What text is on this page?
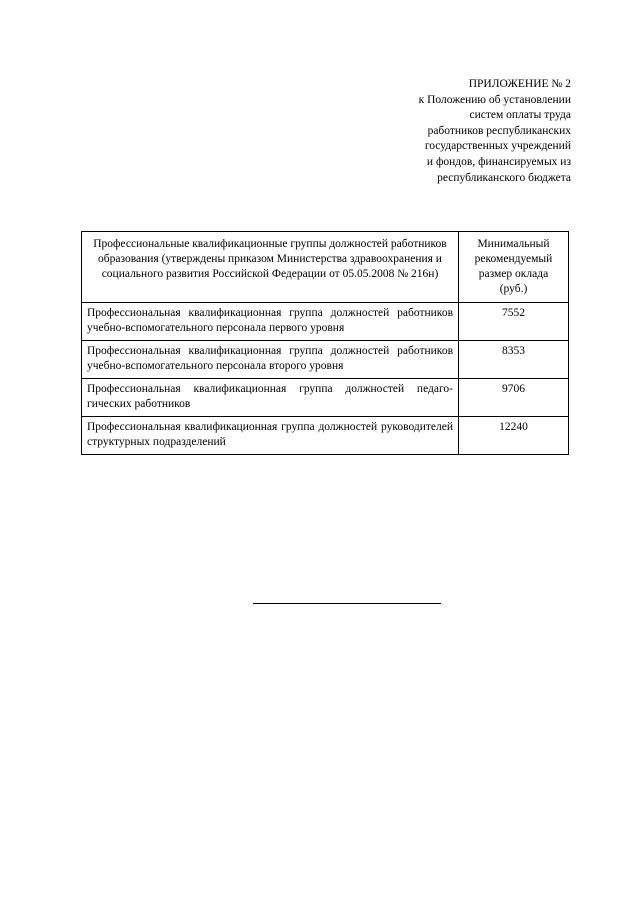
ПРИЛОЖЕНИЕ № 2
к Положению об установлении
систем оплаты труда
работников республиканских
государственных учреждений
и фондов, финансируемых из
республиканского бюджета
Профессиональные квалификационные группы должностей работников образования (утверждены приказом Министерства здравоохранения и социального развития Российской Федерации от 05.05.2008 № 216н)	Минимальный рекомендуемый размер оклада (руб.)
Профессиональная квалификационная группа должностей работников учебно-вспомогательного персонала первого уровня	7552
Профессиональная квалификационная группа должностей работников учебно-вспомогательного персонала второго уровня	8353
Профессиональная квалификационная группа должностей педагогических работников	9706
Профессиональная квалификационная группа должностей руководителей структурных подразделений	12240
